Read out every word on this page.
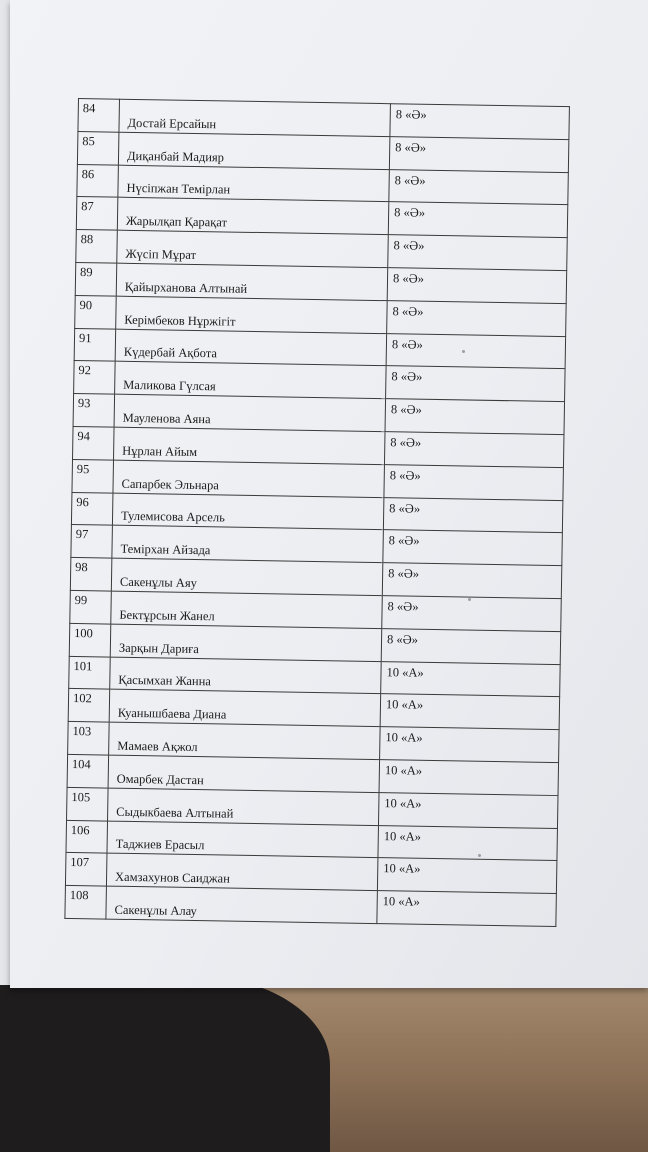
84	Достай Ерсайын	8 «Ә»
85	Диқанбай Мадияр	8 «Ә»
86	Нүсіпжан Темірлан	8 «Ә»
87	Жарылқап Қарақат	8 «Ә»
88	Жүсіп Мұрат	8 «Ә»
89	Қайырханова Алтынай	8 «Ә»
90	Керімбеков Нұржігіт	8 «Ә»
91	Күдербай Ақбота	8 «Ә»
92	Маликова Гүлсая	8 «Ә»
93	Мауленова Аяна	8 «Ә»
94	Нұрлан Айым	8 «Ә»
95	Сапарбек Эльнара	8 «Ә»
96	Тулемисова Арсель	8 «Ә»
97	Темірхан Айзада	8 «Ә»
98	Сакенұлы Аяу	8 «Ә»
99	Бектұрсын Жанел	8 «Ә»
100	Зарқын Дариға	8 «Ә»
101	Қасымхан Жанна	10 «А»
102	Куанышбаева Диана	10 «А»
103	Мамаев Ақжол	10 «А»
104	Омарбек Дастан	10 «А»
105	Сыдыкбаева Алтынай	10 «А»
106	Таджиев Ерасыл	10 «А»
107	Хамзахунов Саиджан	10 «А»
108	Сакенұлы Алау	10 «А»
